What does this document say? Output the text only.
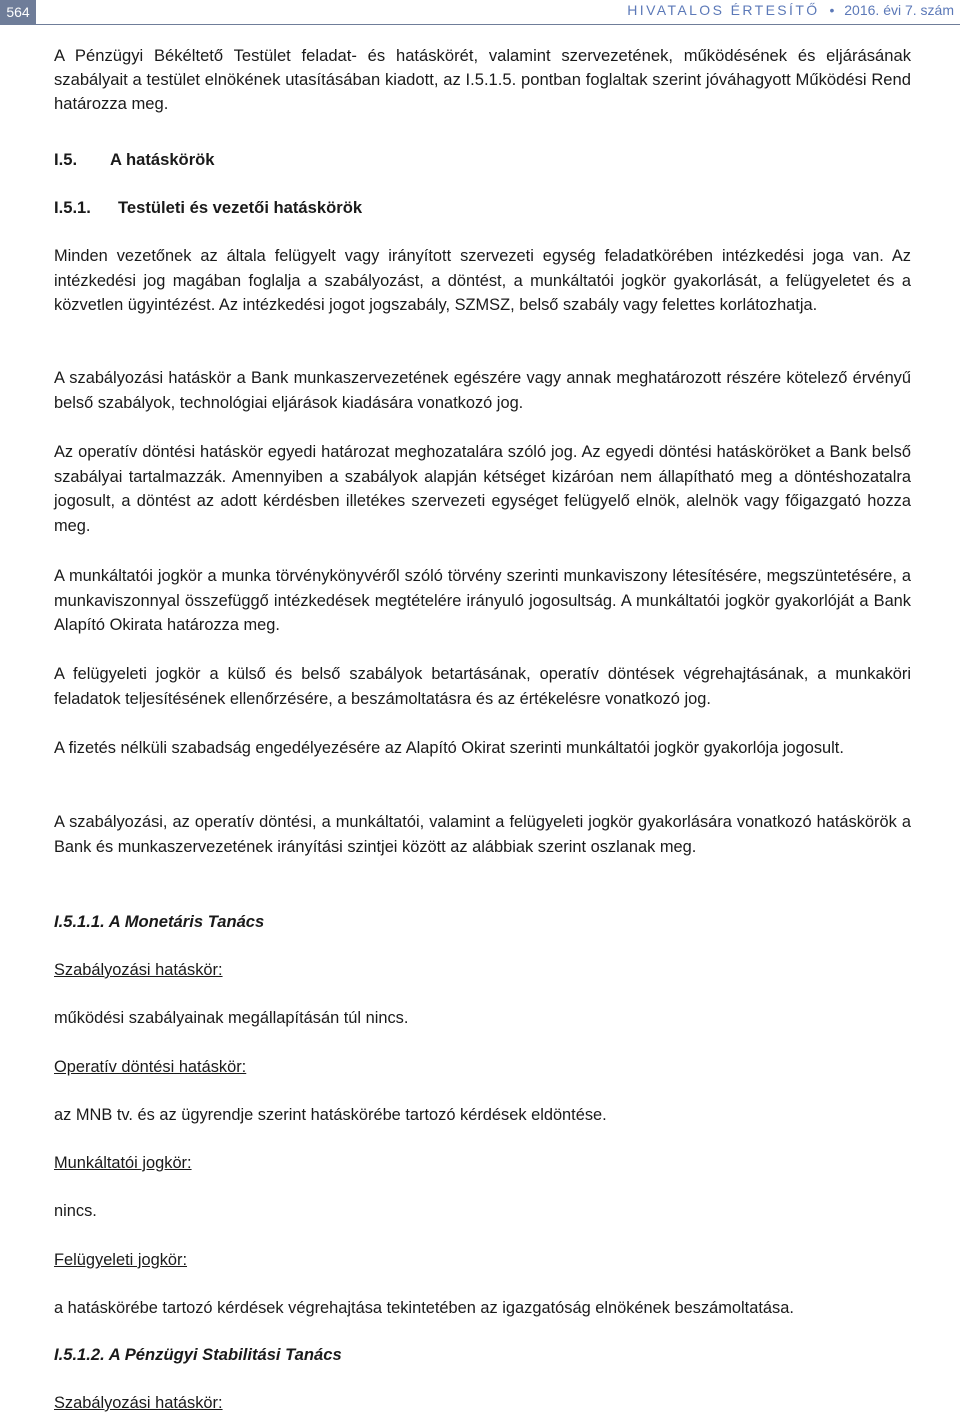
564	HIVATALOS ÉRTESÍTŐ • 2016. évi 7. szám

A Pénzügyi Békéltető Testület feladat- és hatáskörét, valamint szervezetének, működésének és eljárásának szabályait a testület elnökének utasításában kiadott, az I.5.1.5. pontban foglaltak szerint jóváhagyott Működési Rend határozza meg.

I.5. A hatáskörök

I.5.1. Testületi és vezetői hatáskörök

Minden vezetőnek az általa felügyelt vagy irányított szervezeti egység feladatkörében intézkedési joga van. Az intézkedési jog magában foglalja a szabályozást, a döntést, a munkáltatói jogkör gyakorlását, a felügyeletet és a közvetlen ügyintézést. Az intézkedési jogot jogszabály, SZMSZ, belső szabály vagy felettes korlátozhatja.

A szabályozási hatáskör a Bank munkaszervezetének egészére vagy annak meghatározott részére kötelező érvényű belső szabályok, technológiai eljárások kiadására vonatkozó jog.

Az operatív döntési hatáskör egyedi határozat meghozatalára szóló jog. Az egyedi döntési hatásköröket a Bank belső szabályai tartalmazzák. Amennyiben a szabályok alapján kétséget kizáróan nem állapítható meg a döntéshozatalra jogosult, a döntést az adott kérdésben illetékes szervezeti egységet felügyelő elnök, alelnök vagy főigazgató hozza meg.

A munkáltatói jogkör a munka törvénykönyvéről szóló törvény szerinti munkaviszony létesítésére, megszüntetésére, a munkaviszonnyal összefüggő intézkedések megtételére irányuló jogosultság. A munkáltatói jogkör gyakorlóját a Bank Alapító Okirata határozza meg.

A felügyeleti jogkör a külső és belső szabályok betartásának, operatív döntések végrehajtásának, a munkaköri feladatok teljesítésének ellenőrzésére, a beszámoltatásra és az értékelésre vonatkozó jog.

A fizetés nélküli szabadság engedélyezésére az Alapító Okirat szerinti munkáltatói jogkör gyakorlója jogosult.

A szabályozási, az operatív döntési, a munkáltatói, valamint a felügyeleti jogkör gyakorlására vonatkozó hatáskörök a Bank és munkaszervezetének irányítási szintjei között az alábbiak szerint oszlanak meg.

I.5.1.1. A Monetáris Tanács

Szabályozási hatáskör:

működési szabályainak megállapításán túl nincs.

Operatív döntési hatáskör:

az MNB tv. és az ügyrendje szerint hatáskörébe tartozó kérdések eldöntése.

Munkáltatói jogkör:

nincs.

Felügyeleti jogkör:

a hatáskörébe tartozó kérdések végrehajtása tekintetében az igazgatóság elnökének beszámoltatása.

I.5.1.2. A Pénzügyi Stabilitási Tanács

Szabályozási hatáskör:
